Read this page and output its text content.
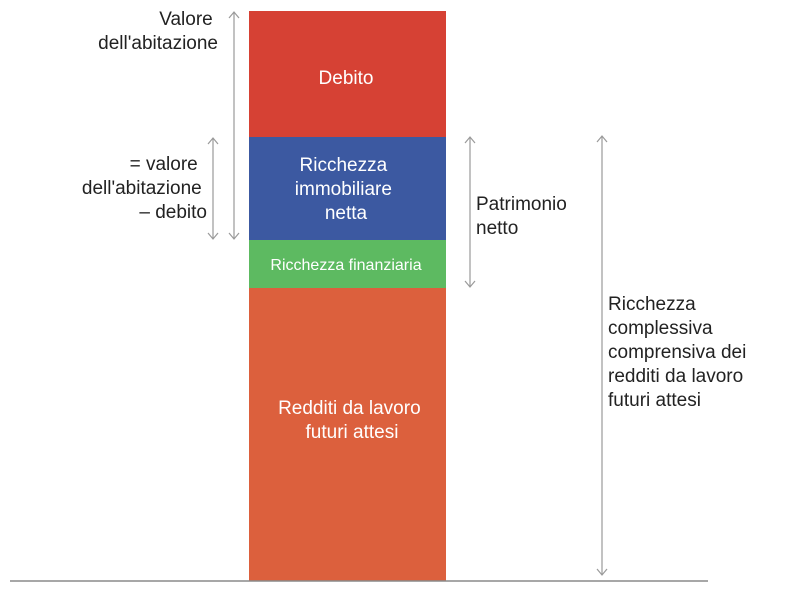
Debito
Ricchezza immobiliare netta
Ricchezza finanziaria
Redditi da lavoro futuri attesi
Valore dell'abitazione
= valore dell'abitazione – debito	Patrimonio netto
Ricchezza complessiva comprensiva dei redditi da lavoro futuri attesi
